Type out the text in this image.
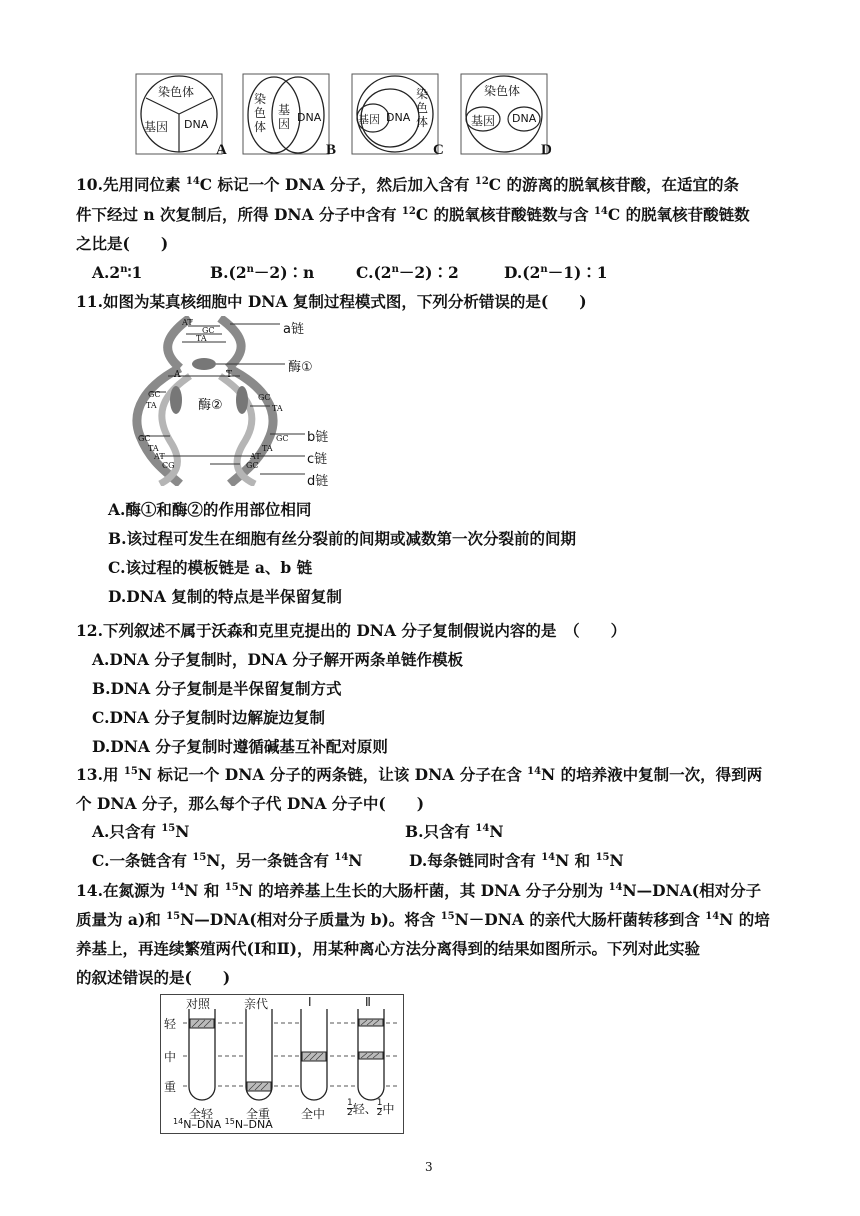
染色体
基因 DNA
A
染
色
体
基
因 DNA
B
基因 DNA
染
色
体
C
染色体
基因 DNA
D
10.先用同位素 $^{14}$C 标记一个 DNA 分子，然后加入含有 $^{12}$C 的游离的脱氧核苷酸，在适宜的条
件下经过 n 次复制后，所得 DNA 分子中含有 $^{12}$C 的脱氧核苷酸链数与含 $^{14}$C 的脱氧核苷酸链数
之比是(　　)
A.2$^n$∶1	$B.(2^n-2)∶n$	$C.(2^n-2)∶2$	$D.(2^n-1)∶1$
11.如图为某真核细胞中 DNA 复制过程模式图，下列分析错误的是(　　)
AT
GC
TA
a链
酶①
A	T
酶②
GC
TA
GC
TA
GC
TA
AT
CG
GC
TA
AT
GC
b链
c链
d链
A.酶①和酶②的作用部位相同
B.该过程可发生在细胞有丝分裂前的间期或减数第一次分裂前的间期
C.该过程的模板链是 a、b 链
D.DNA 复制的特点是半保留复制
12.下列叙述不属于沃森和克里克提出的 DNA 分子复制假说内容的是　（　　）
A.DNA 分子复制时，DNA 分子解开两条单链作模板
B.DNA 分子复制是半保留复制方式
C.DNA 分子复制时边解旋边复制
D.DNA 分子复制时遵循碱基互补配对原则
13.用 $^{15}$N 标记一个 DNA 分子的两条链，让该 DNA 分子在含 $^{14}$N 的培养液中复制一次，得到两
个 DNA 分子，那么每个子代 DNA 分子中(　　)
A.只含有 $^{15}$N	B.只含有 $^{14}$N
C.一条链含有 $^{15}$N，另一条链含有 $^{14}$N	D.每条链同时含有 $^{14}$N 和 $^{15}$N
14.在氮源为 $^{14}$N 和 $^{15}$N 的培养基上生长的大肠杆菌，其 DNA 分子分别为 $^{14}$N—DNA(相对分子
质量为 a)和 $^{15}$N—DNA(相对分子质量为 b)。将含 $^{15}$N－DNA 的亲代大肠杆菌转移到含 $^{14}$N 的培
养基上，再连续繁殖两代(Ⅰ和Ⅱ)，用某种离心方法分离得到的结果如图所示。下列对此实验
的叙述错误的是(　　)
对照	亲代	Ⅰ	Ⅱ
轻
中
重
全轻	全重	全中 $\frac{1}{2}$ 轻、 $\frac{1}{2}$ 中
$^{14}$N–DNA $^{15}$N–DNA
3
